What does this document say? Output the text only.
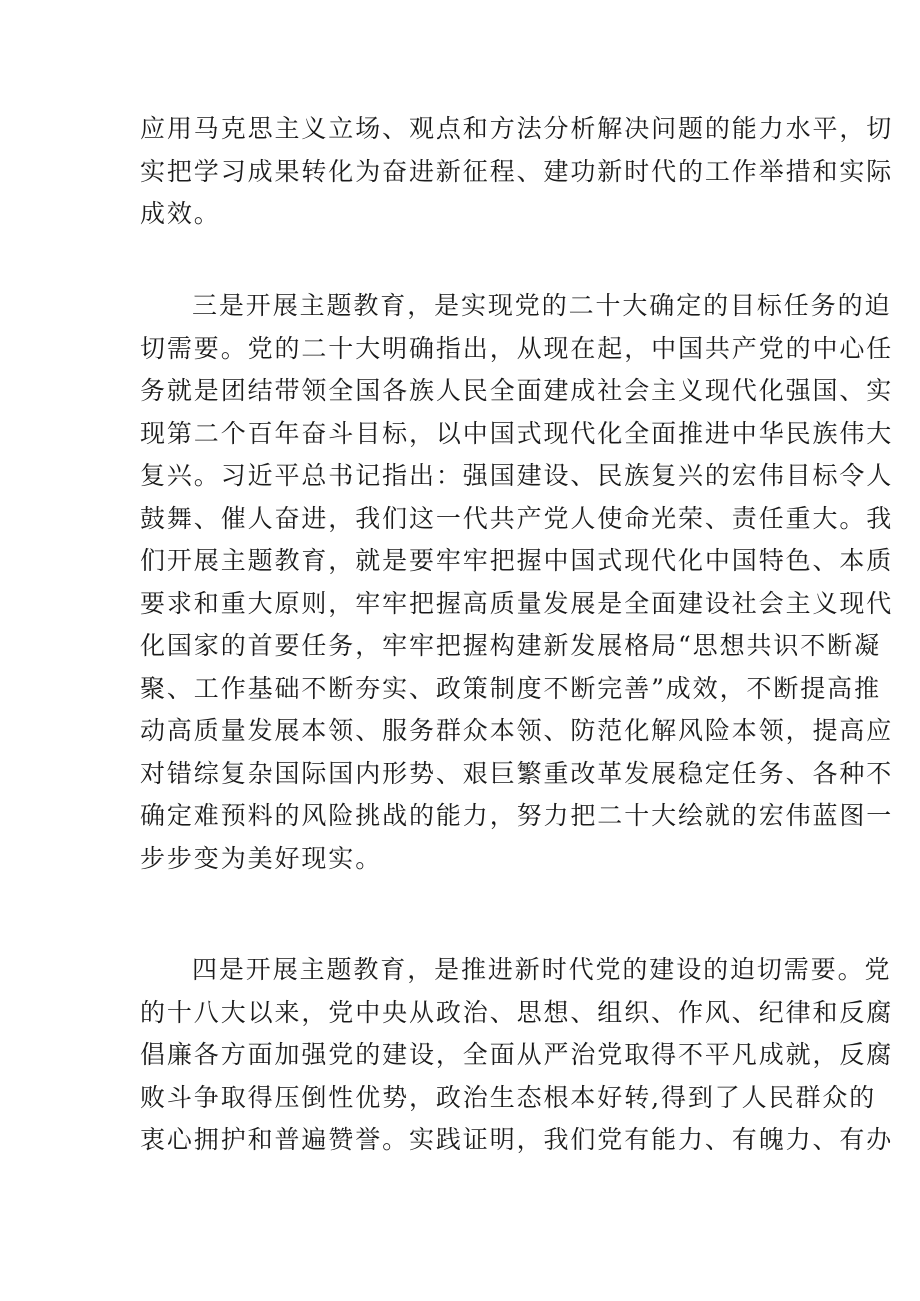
应用马克思主义立场、观点和方法分析解决问题的能力水平，切
实把学习成果转化为奋进新征程、建功新时代的工作举措和实际
成效。
三是开展主题教育，是实现党的二十大确定的目标任务的迫
切需要。党的二十大明确指出，从现在起，中国共产党的中心任
务就是团结带领全国各族人民全面建成社会主义现代化强国、实
现第二个百年奋斗目标，以中国式现代化全面推进中华民族伟大
复兴。习近平总书记指出：强国建设、民族复兴的宏伟目标令人
鼓舞、催人奋进，我们这一代共产党人使命光荣、责任重大。我
们开展主题教育，就是要牢牢把握中国式现代化中国特色、本质
要求和重大原则，牢牢把握高质量发展是全面建设社会主义现代
化国家的首要任务，牢牢把握构建新发展格局“思想共识不断凝
聚、工作基础不断夯实、政策制度不断完善”成效，不断提高推
动高质量发展本领、服务群众本领、防范化解风险本领，提高应
对错综复杂国际国内形势、艰巨繁重改革发展稳定任务、各种不
确定难预料的风险挑战的能力，努力把二十大绘就的宏伟蓝图一
步步变为美好现实。
四是开展主题教育，是推进新时代党的建设的迫切需要。党
的十八大以来，党中央从政治、思想、组织、作风、纪律和反腐
倡廉各方面加强党的建设，全面从严治党取得不平凡成就，反腐
败斗争取得压倒性优势，政治生态根本好转,得到了人民群众的
衷心拥护和普遍赞誉。实践证明，我们党有能力、有魄力、有办
